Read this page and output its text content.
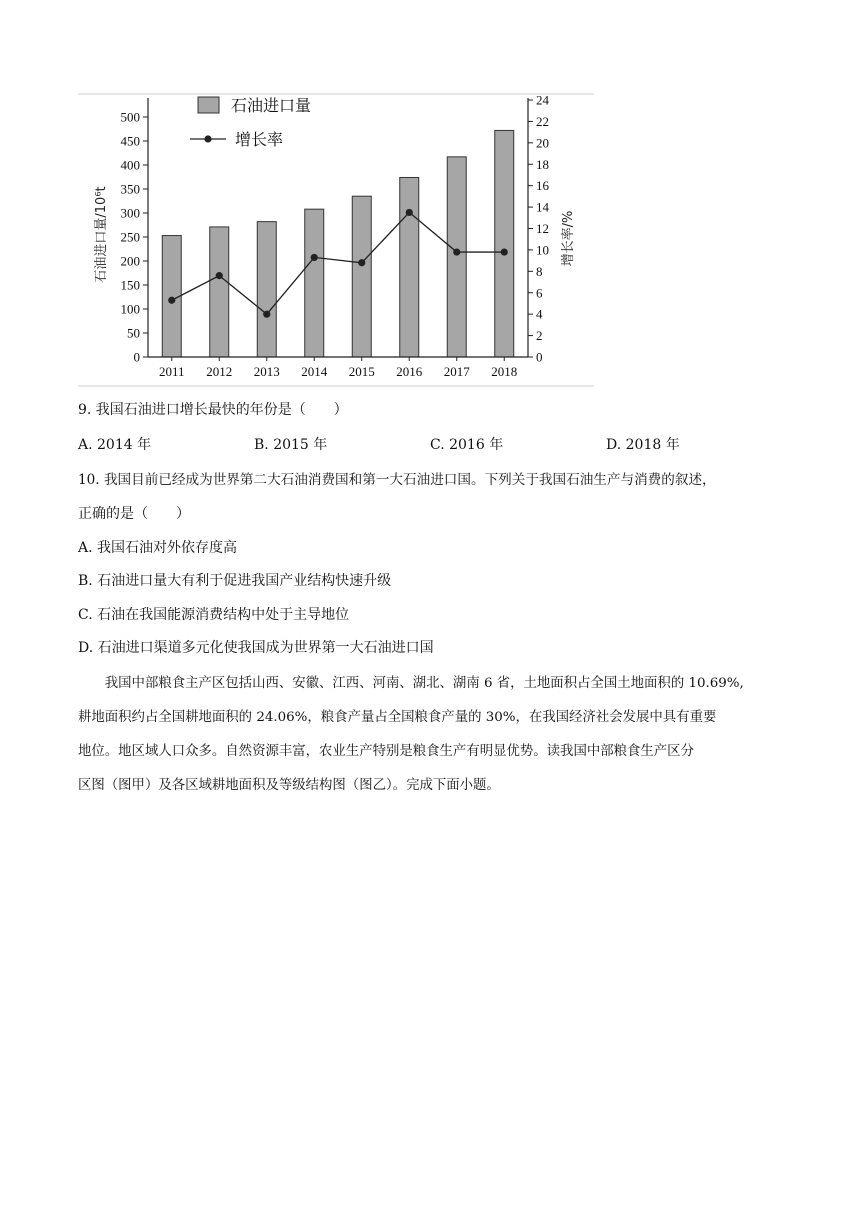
0
50
100
150
200
250
300
350
400
450
500
0
2
4
6
8
10
12
14
16
18
20
22
24
2011 2012 2013 2014 2015 2016 2017 2018
石油进口量/10⁶t	增长率/%
石油进口量
增长率
9. 我国石油进口增长最快的年份是（　　）
A. 2014 年	B. 2015 年	C. 2016 年	D. 2018 年
10. 我国目前已经成为世界第二大石油消费国和第一大石油进口国。下列关于我国石油生产与消费的叙述，
正确的是（　　）
A. 我国石油对外依存度高
B. 石油进口量大有利于促进我国产业结构快速升级
C. 石油在我国能源消费结构中处于主导地位
D. 石油进口渠道多元化使我国成为世界第一大石油进口国
　　我国中部粮食主产区包括山西、安徽、江西、河南、湖北、湖南 6 省，土地面积占全国土地面积的 10.69%,
耕地面积约占全国耕地面积的 24.06%，粮食产量占全国粮食产量的 30%，在我国经济社会发展中具有重要
地位。地区域人口众多。自然资源丰富，农业生产特别是粮食生产有明显优势。读我国中部粮食生产区分
区图（图甲）及各区域耕地面积及等级结构图（图乙）。完成下面小题。
